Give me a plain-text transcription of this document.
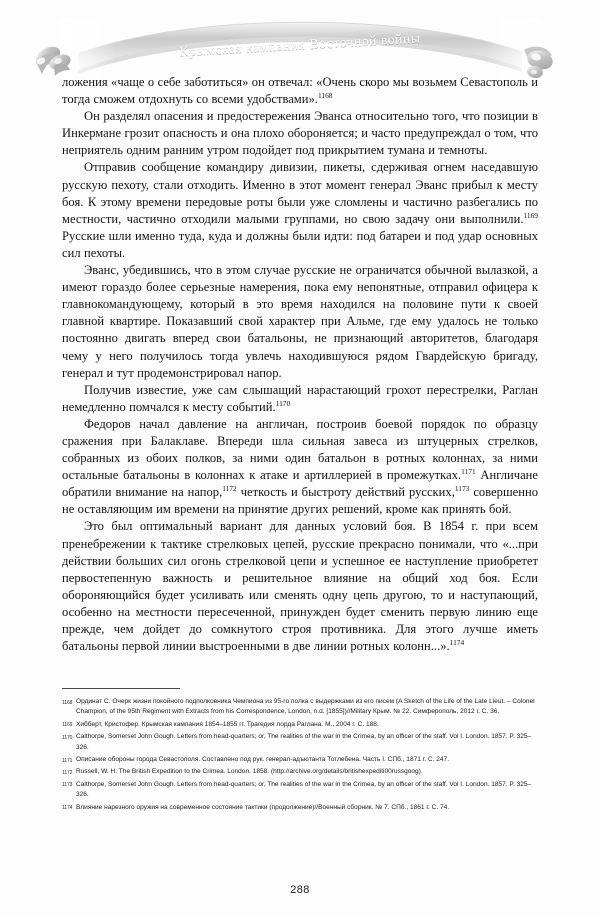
Крымская кампания Восточной войны

ложения «чаще о себе заботиться» он отвечал: «Очень скоро мы возьмем Севастополь и тогда сможем отдохнуть со всеми удобствами».$^{1168}$

Он разделял опасения и предостережения Эванса относительно того, что позиции в Инкермане грозит опасность и она плохо обороняется; и часто предупреждал о том, что неприятель одним ранним утром подойдет под прикрытием тумана и темноты.

Отправив сообщение командиру дивизии, пикеты, сдерживая огнем наседавшую русскую пехоту, стали отходить. Именно в этот момент генерал Эванс прибыл к месту боя. К этому времени передовые роты были уже сломлены и частично разбегались по местности, частично отходили малыми группами, но свою задачу они выполнили.$^{1169}$ Русские шли именно туда, куда и должны были идти: под батареи и под удар основных сил пехоты.

Эванс, убедившись, что в этом случае русские не ограничатся обычной вылазкой, а имеют гораздо более серьезные намерения, пока ему непонятные, отправил офицера к главнокомандующему, который в это время находился на половине пути к своей главной квартире. Показавший свой характер при Альме, где ему удалось не только постоянно двигать вперед свои батальоны, не признающий авторитетов, благодаря чему у него получилось тогда увлечь находившуюся рядом Гвардейскую бригаду, генерал и тут продемонстрировал напор.

Получив известие, уже сам слышащий нарастающий грохот перестрелки, Раглан немедленно помчался к месту событий.$^{1170}$

Федоров начал давление на англичан, построив боевой порядок по образцу сражения при Балаклаве. Впереди шла сильная завеса из штуцерных стрелков, собранных из обоих полков, за ними один батальон в ротных колоннах, за ними остальные батальоны в колоннах к атаке и артиллерией в промежутках.$^{1171}$ Англичане обратили внимание на напор,$^{1172}$ четкость и быстроту действий русских,$^{1173}$ совершенно не оставляющим им времени на принятие других решений, кроме как принять бой.

Это был оптимальный вариант для данных условий боя. В 1854 г. при всем пренебрежении к тактике стрелковых цепей, русские прекрасно понимали, что «...при действии больших сил огонь стрелковой цепи и успешное ее наступление приобретет первостепенную важность и решительное влияние на общий ход боя. Если обороняющийся будет усиливать или сменять одну цепь другою, то и наступающий, особенно на местности пересеченной, принужден будет сменить первую линию еще прежде, чем дойдет до сомкнутого строя противника. Для этого лучше иметь батальоны первой линии выстроенными в две линии ротных колонн...».$^{1174}$

1168 Ординат С. Очерк жизни покойного подполковника Чемпиона из 95-го полка с выдержками из его писем (A Sketch of the Life of the Late Lieut. – Colonel Champion, of the 95th Regiment with Extracts from his Correspondence, London, n.d. [1855])//Military Крым. № 22. Симферополь, 2012 г. С. 36.
1169 Хибберт, Кристофер. Крымская кампания 1854–1855 гг. Трагедия лорда Раглана. М., 2004 г. С. 188.
1170 Calthorpe, Somerset John Gough. Letters from head-quarters; or, The realities of the war in the Crimea, by an officer of the staff. Vol I. London. 1857. P. 325–326.
1171 Описание обороны города Севастополя. Составлено под рук. генерал-адъютанта Тотлебена. Часть I. СПб., 1871 г. С. 247.
1172 Russell, W. H. The British Expedition to the Crimea. London. 1858. (http://archive.org/details/britishexpediti00russgoog).
1173 Calthorpe, Somerset John Gough. Letters from head-quarters; or, The realities of the war in the Crimea, by an officer of the staff. Vol I. London. 1857. P. 325–326.
1174 Влияние нарезного оружия на современное состояние тактики (продолжение)//Военный сборник. № 7. СПб., 1861 г. С. 74.
288
